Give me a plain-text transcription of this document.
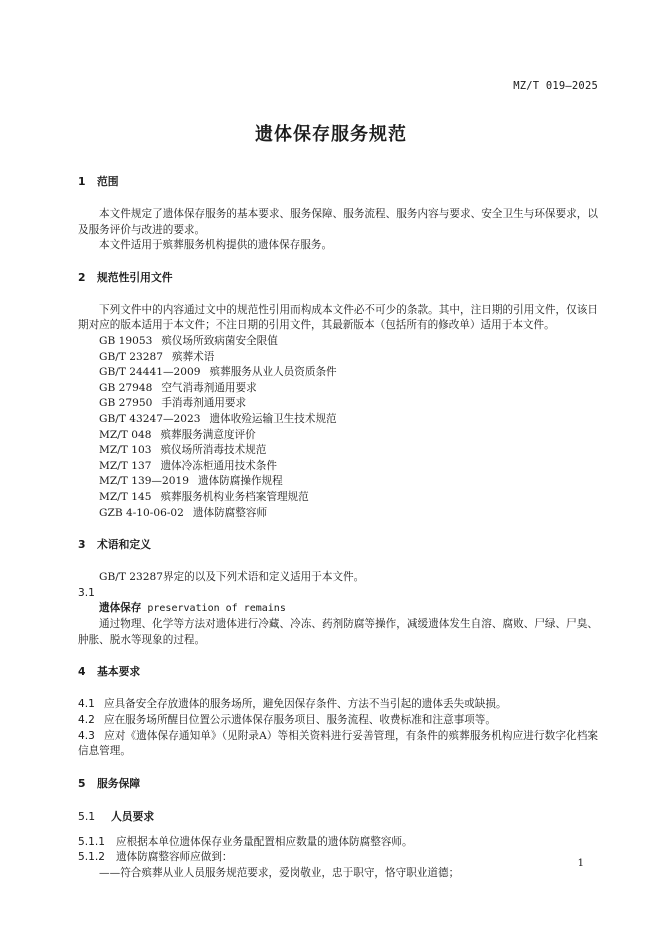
MZ/T 019—2025
遗体保存服务规范
1 范围

本文件规定了遗体保存服务的基本要求、服务保障、服务流程、服务内容与要求、安全卫生与环保要求，以及服务评价与改进的要求。

本文件适用于殡葬服务机构提供的遗体保存服务。

2 规范性引用文件

下列文件中的内容通过文中的规范性引用而构成本文件必不可少的条款。其中，注日期的引用文件，仅该日期对应的版本适用于本文件；不注日期的引用文件，其最新版本（包括所有的修改单）适用于本文件。

GB 19053 殡仪场所致病菌安全限值
GB/T 23287 殡葬术语
GB/T 24441—2009 殡葬服务从业人员资质条件
GB 27948 空气消毒剂通用要求
GB 27950 手消毒剂通用要求
GB/T 43247—2023 遗体收殓运输卫生技术规范
MZ/T 048 殡葬服务满意度评价
MZ/T 103 殡仪场所消毒技术规范
MZ/T 137 遗体冷冻柜通用技术条件
MZ/T 139—2019 遗体防腐操作规程
MZ/T 145 殡葬服务机构业务档案管理规范
GZB 4-10-06-02 遗体防腐整容师
3 术语和定义

GB/T 23287界定的以及下列术语和定义适用于本文件。

3.1
遗体保存 preservation of remains

通过物理、化学等方法对遗体进行冷藏、冷冻、药剂防腐等操作，减缓遗体发生自溶、腐败、尸绿、尸臭、肿胀、脱水等现象的过程。

4 基本要求

4.1 应具备安全存放遗体的服务场所，避免因保存条件、方法不当引起的遗体丢失或缺损。

4.2 应在服务场所醒目位置公示遗体保存服务项目、服务流程、收费标准和注意事项等。

4.3 应对《遗体保存通知单》（见附录A）等相关资料进行妥善管理，有条件的殡葬服务机构应进行数字化档案信息管理。

5 服务保障
5.1 人员要求

5.1.1 应根据本单位遗体保存业务量配置相应数量的遗体防腐整容师。

5.1.2 遗体防腐整容师应做到：

——符合殡葬从业人员服务规范要求，爱岗敬业，忠于职守，恪守职业道德；

1
